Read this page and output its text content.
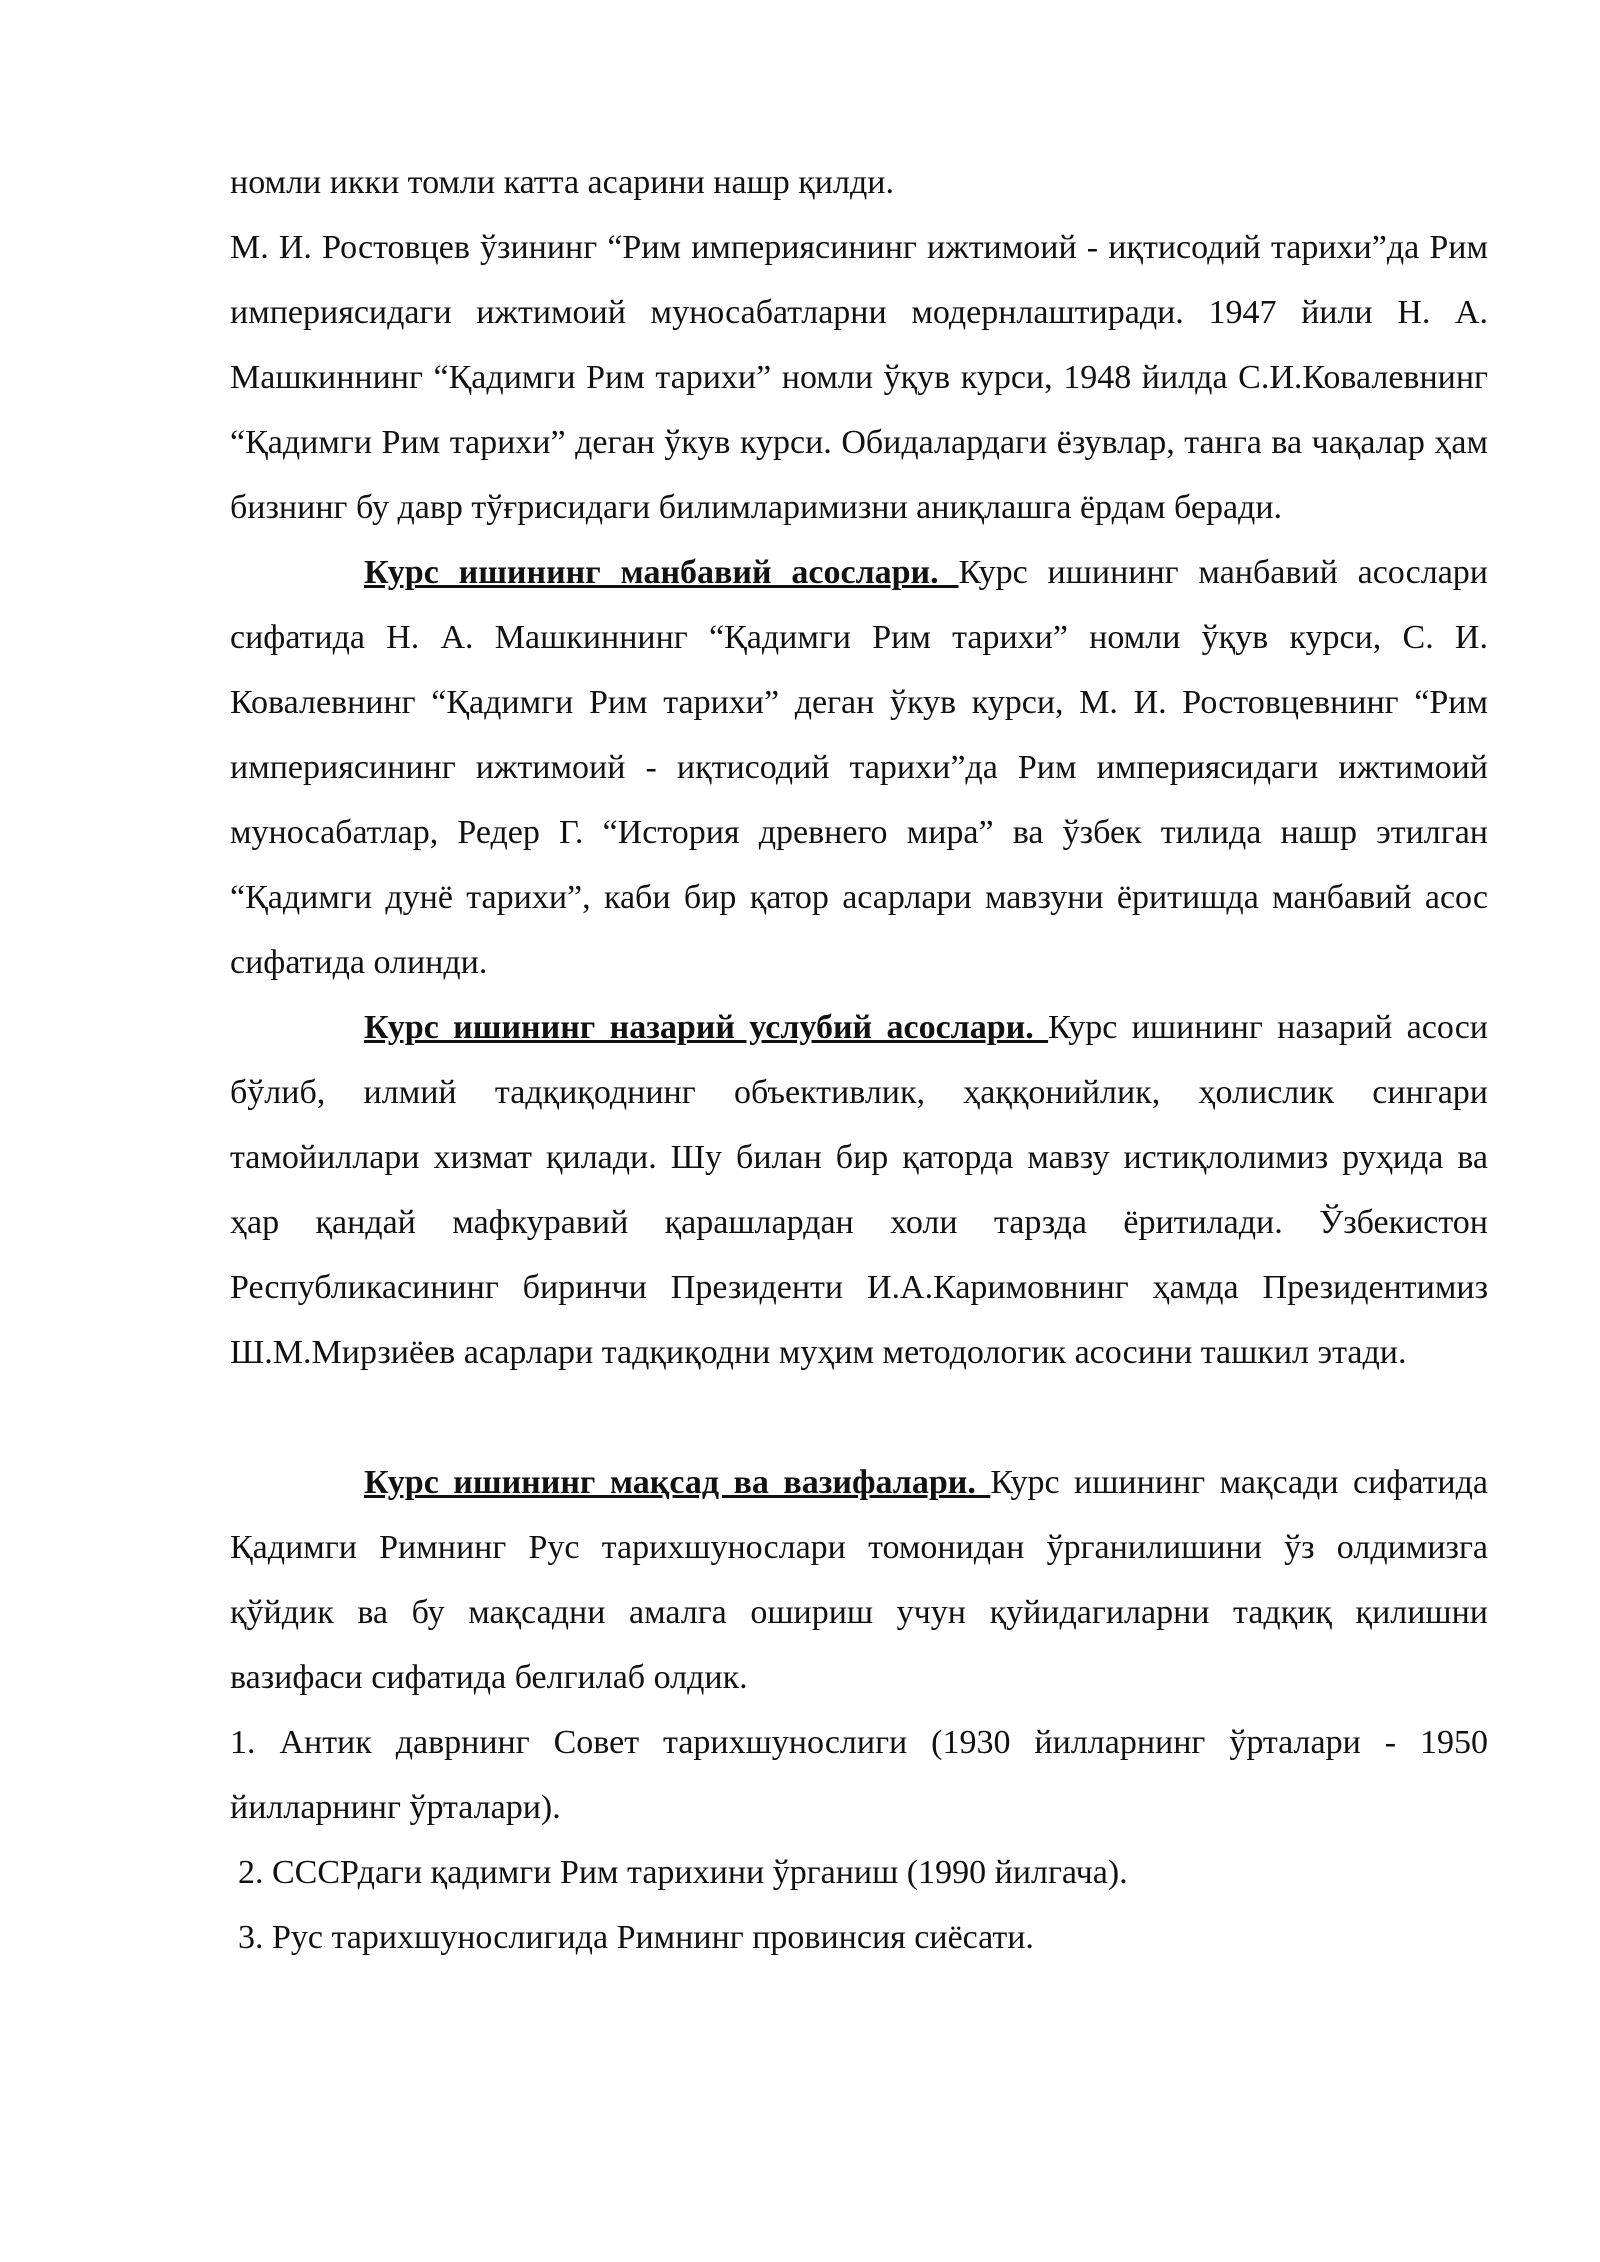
номли икки томли катта асарини нашр қилди.

М. И. Ростовцев ўзининг “Рим империясининг ижтимоий - иқтисодий тарихи”да Рим империясидаги ижтимоий муносабатларни модернлаштиради. 1947 йили Н. А. Машкиннинг “Қадимги Рим тарихи” номли ўқув курси, 1948 йилда С.И.Ковалевнинг “Қадимги Рим тарихи” деган ўкув курси. Обидалардаги ёзувлар, танга ва чақалар ҳам бизнинг бу давр тўғрисидаги билимларимизни аниқлашга ёрдам беради.

Курс ишининг манбавий асослари. Курс ишининг манбавий асослари сифатида Н. А. Машкиннинг “Қадимги Рим тарихи” номли ўқув курси, С. И. Ковалевнинг “Қадимги Рим тарихи” деган ўкув курси, М. И. Ростовцевнинг “Рим империясининг ижтимоий - иқтисодий тарихи”да Рим империясидаги ижтимоий муносабатлар, Редер Г. “История древнего мира” ва ўзбек тилида нашр этилган “Қадимги дунё тарихи”, каби бир қатор асарлари мавзуни ёритишда манбавий асос сифатида олинди.

Курс ишининг назарий услубий асослари. Курс ишининг назарий асоси бўлиб, илмий тадқиқоднинг объективлик, ҳаққонийлик, ҳолислик сингари тамойиллари хизмат қилади. Шу билан бир қаторда мавзу истиқлолимиз руҳида ва ҳар қандай мафкуравий қарашлардан холи тарзда ёритилади. Ўзбекистон Республикасининг биринчи Президенти И.А.Каримовнинг ҳамда Президентимиз Ш.М.Мирзиёев асарлари тадқиқодни муҳим методологик асосини ташкил этади.

Курс ишининг мақсад ва вазифалари. Курс ишининг мақсади сифатида Қадимги Римнинг Рус тарихшунослари томонидан ўрганилишини ўз олдимизга қўйдик ва бу мақсадни амалга ошириш учун қуйидагиларни тадқиқ қилишни вазифаси сифатида белгилаб олдик.

1. Антик даврнинг Совет тарихшунослиги (1930 йилларнинг ўрталари - 1950 йилларнинг ўрталари).

2. СССРдаги қадимги Рим тарихини ўрганиш (1990 йилгача).

3. Рус тарихшунослигида Римнинг провинсия сиёсати.
